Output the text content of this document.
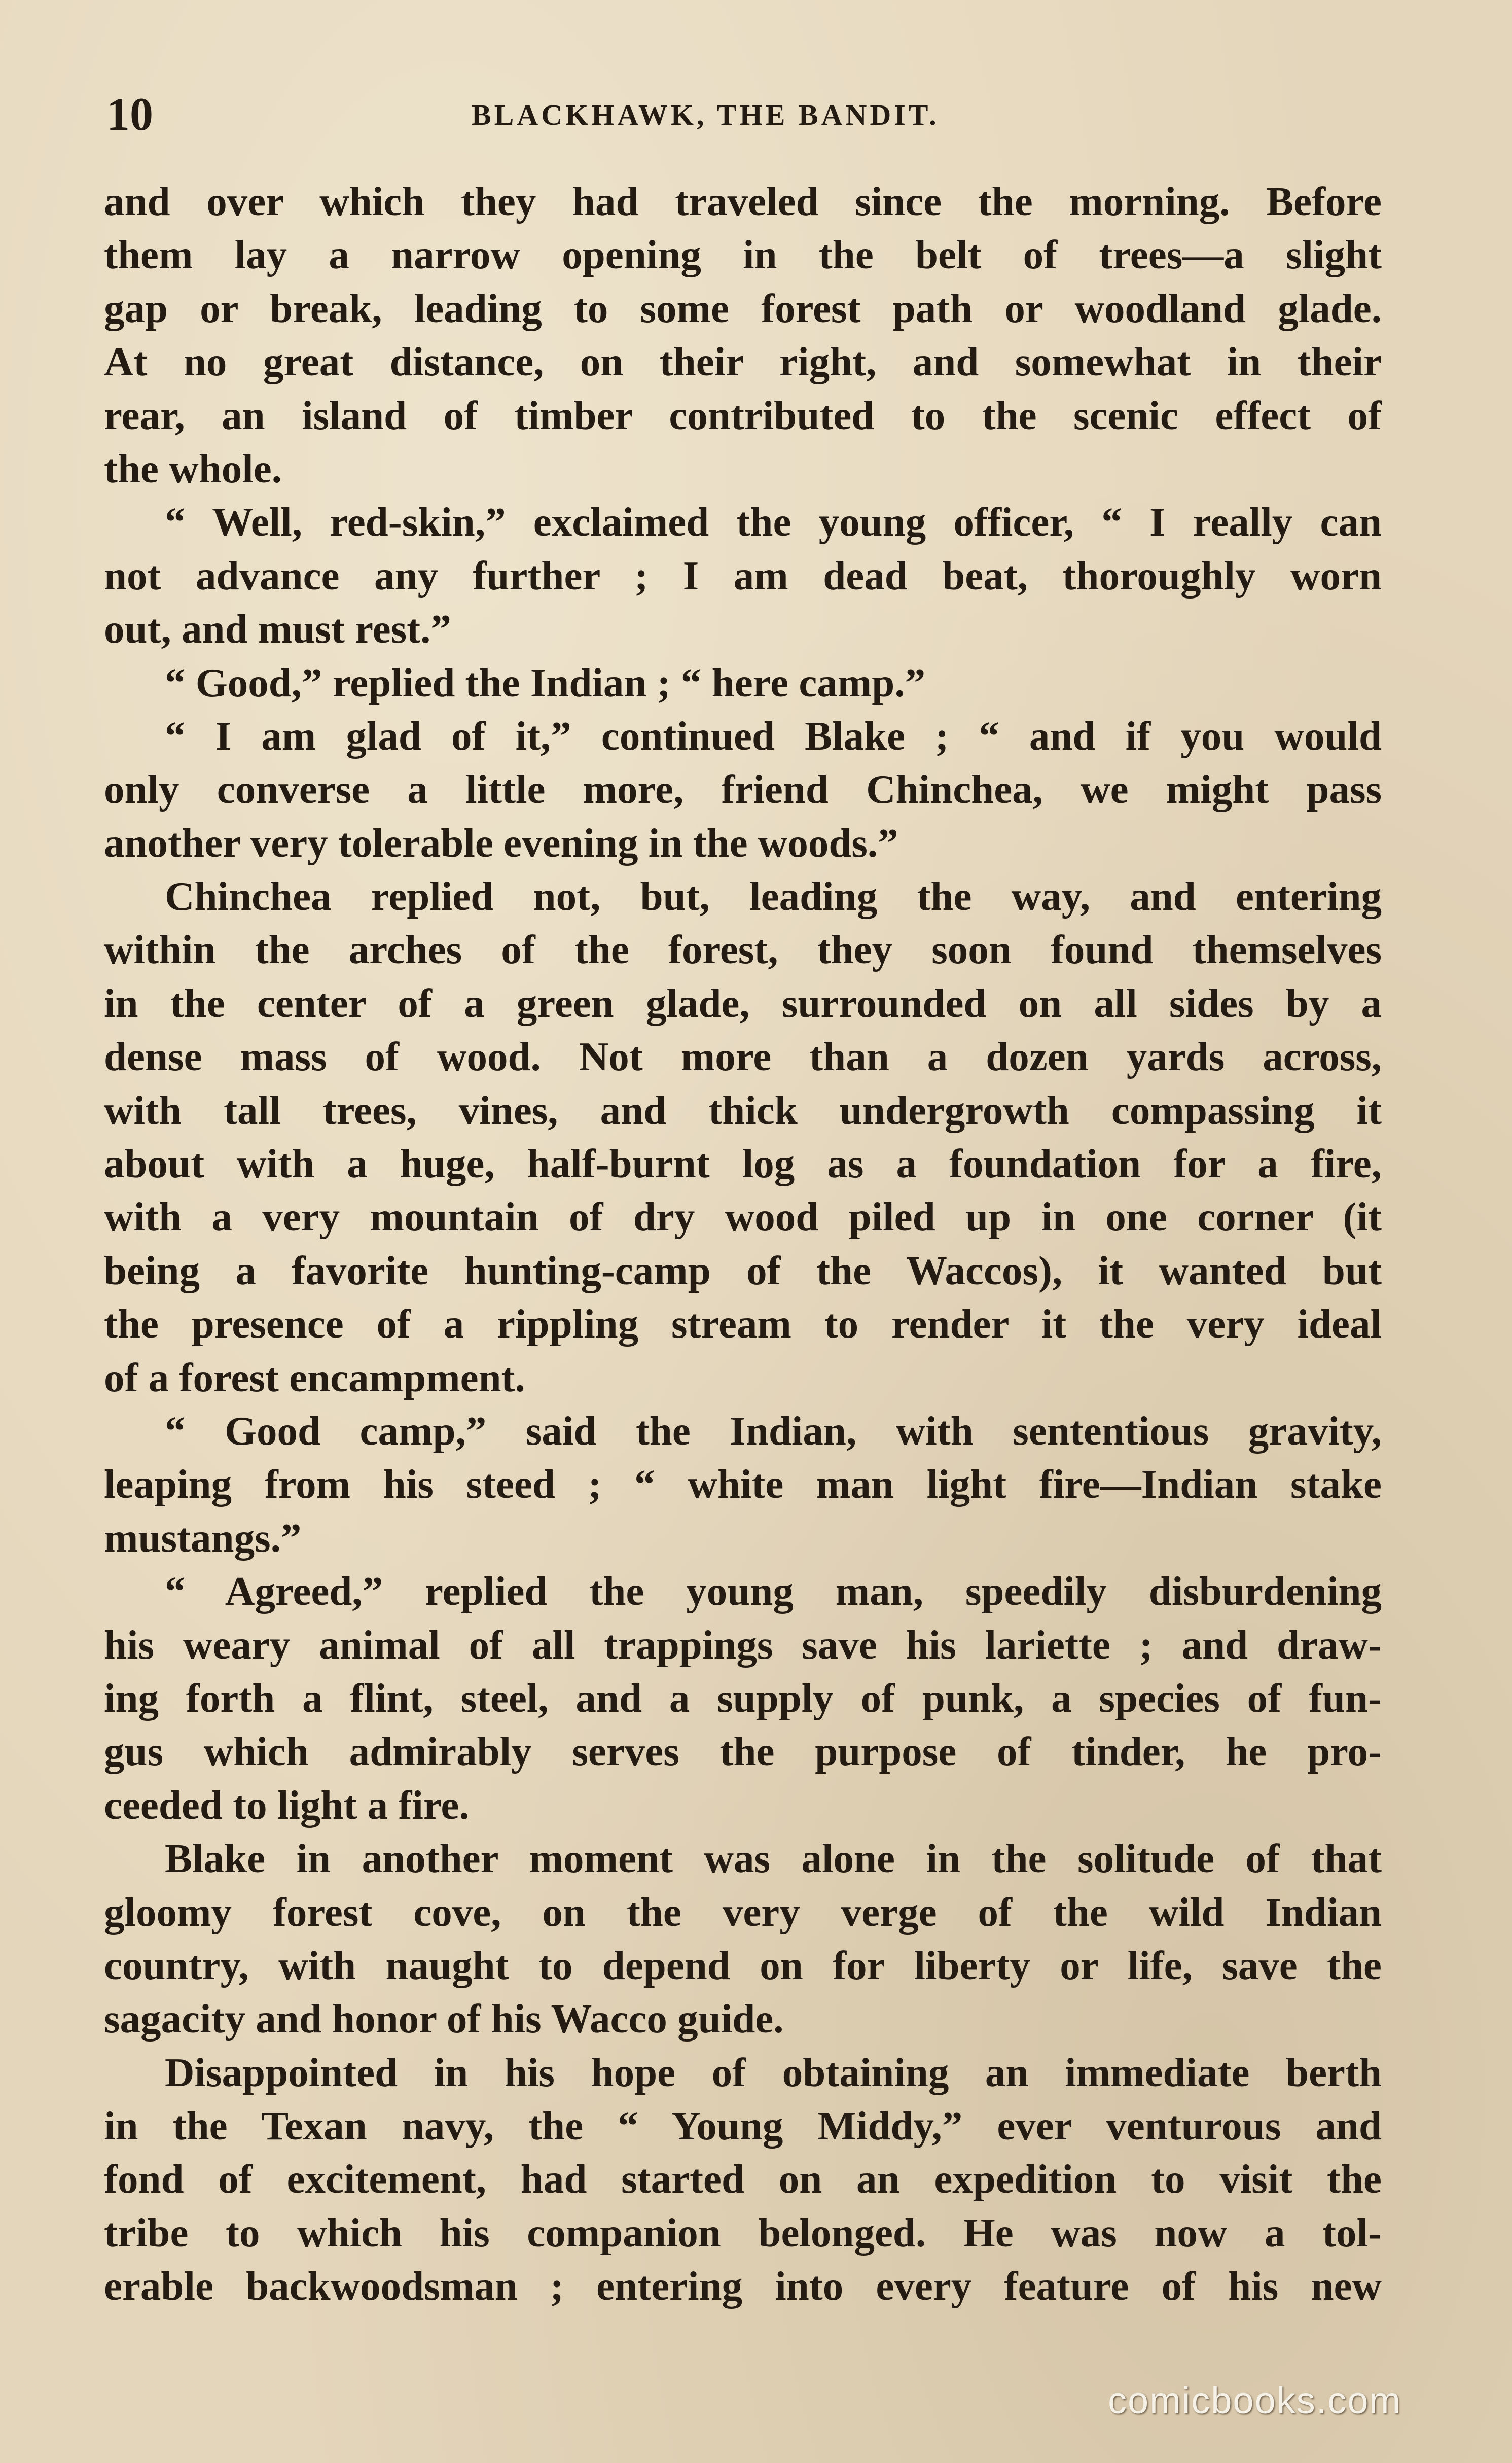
10	BLACKHAWK, THE BANDIT.
and over which they had traveled since the morning. Before
them lay a narrow opening in the belt of trees—a slight
gap or break, leading to some forest path or woodland glade.
At no great distance, on their right, and somewhat in their
rear, an island of timber contributed to the scenic effect of
the whole.
“ Well, red-skin,” exclaimed the young officer, “ I really can
not advance any further ; I am dead beat, thoroughly worn
out, and must rest.”
“ Good,” replied the Indian ; “ here camp.”
“ I am glad of it,” continued Blake ; “ and if you would
only converse a little more, friend Chinchea, we might pass
another very tolerable evening in the woods.”
Chinchea replied not, but, leading the way, and entering
within the arches of the forest, they soon found themselves
in the center of a green glade, surrounded on all sides by a
dense mass of wood. Not more than a dozen yards across,
with tall trees, vines, and thick undergrowth compassing it
about with a huge, half-burnt log as a foundation for a fire,
with a very mountain of dry wood piled up in one corner (it
being a favorite hunting-camp of the Waccos), it wanted but
the presence of a rippling stream to render it the very ideal
of a forest encampment.
“ Good camp,” said the Indian, with sententious gravity,
leaping from his steed ; “ white man light fire—Indian stake
mustangs.”
“ Agreed,” replied the young man, speedily disburdening
his weary animal of all trappings save his lariette ; and draw-
ing forth a flint, steel, and a supply of punk, a species of fun-
gus which admirably serves the purpose of tinder, he pro-
ceeded to light a fire.
Blake in another moment was alone in the solitude of that
gloomy forest cove, on the very verge of the wild Indian
country, with naught to depend on for liberty or life, save the
sagacity and honor of his Wacco guide.
Disappointed in his hope of obtaining an immediate berth
in the Texan navy, the “ Young Middy,” ever venturous and
fond of excitement, had started on an expedition to visit the
tribe to which his companion belonged. He was now a tol-
erable backwoodsman ; entering into every feature of his new
comicbooks.com
